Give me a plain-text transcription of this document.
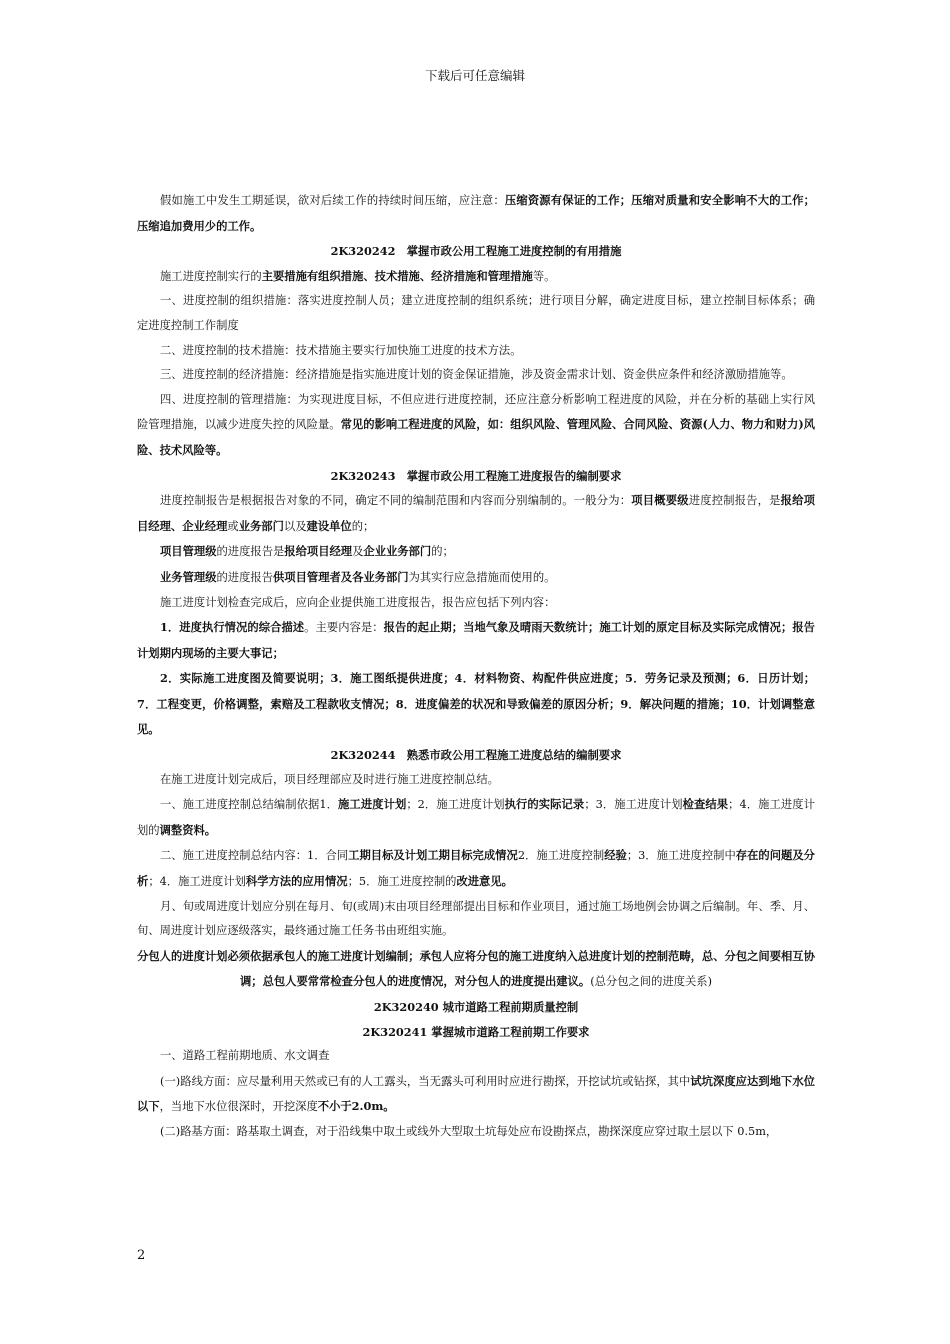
下载后可任意编辑

假如施工中发生工期延误，欲对后续工作的持续时间压缩，应注意：压缩资源有保证的工作；压缩对质量和安全影响不大的工作；压缩追加费用少的工作。

2K320242　掌握市政公用工程施工进度控制的有用措施

施工进度控制实行的主要措施有组织措施、技术措施、经济措施和管理措施等。

一、进度控制的组织措施：落实进度控制人员；建立进度控制的组织系统；进行项目分解，确定进度目标，建立控制目标体系；确定进度控制工作制度

二、进度控制的技术措施：技术措施主要实行加快施工进度的技术方法。

三、进度控制的经济措施：经济措施是指实施进度计划的资金保证措施，涉及资金需求计划、资金供应条件和经济激励措施等。

四、进度控制的管理措施：为实现进度目标，不但应进行进度控制，还应注意分析影响工程进度的风险，并在分析的基础上实行风险管理措施，以减少进度失控的风险量。常见的影响工程进度的风险，如：组织风险、管理风险、合同风险、资源(人力、物力和财力)风险、技术风险等。

2K320243　掌握市政公用工程施工进度报告的编制要求

进度控制报告是根据报告对象的不同，确定不同的编制范围和内容而分别编制的。一般分为：项目概要级进度控制报告，是报给项目经理、企业经理或业务部门以及建设单位的；

项目管理级的进度报告是报给项目经理及企业业务部门的；

业务管理级的进度报告供项目管理者及各业务部门为其实行应急措施而使用的。

施工进度计划检查完成后，应向企业提供施工进度报告，报告应包括下列内容：

1．进度执行情况的综合描述。主要内容是：报告的起止期；当地气象及晴雨天数统计；施工计划的原定目标及实际完成情况；报告计划期内现场的主要大事记；

2．实际施工进度图及简要说明；3．施工图纸提供进度；4．材料物资、构配件供应进度；5．劳务记录及预测；6．日历计划；7．工程变更，价格调整，索赔及工程款收支情况；8．进度偏差的状况和导致偏差的原因分析；9．解决问题的措施；10．计划调整意见。

2K320244　熟悉市政公用工程施工进度总结的编制要求

在施工进度计划完成后，项目经理部应及时进行施工进度控制总结。

一、施工进度控制总结编制依据1．施工进度计划；2．施工进度计划执行的实际记录；3．施工进度计划检查结果；4．施工进度计划的调整资料。

二、施工进度控制总结内容：1．合同工期目标及计划工期目标完成情况2．施工进度控制经验；3．施工进度控制中存在的问题及分析；4．施工进度计划科学方法的应用情况；5．施工进度控制的改进意见。

月、旬或周进度计划应分别在每月、旬(或周)末由项目经理部提出目标和作业项目，通过施工场地例会协调之后编制。年、季、月、旬、周进度计划应逐级落实，最终通过施工任务书由班组实施。

分包人的进度计划必须依据承包人的施工进度计划编制；承包人应将分包的施工进度纳入总进度计划的控制范畴，总、分包之间要相互协调；总包人要常常检查分包人的进度情况，对分包人的进度提出建议。(总分包之间的进度关系)

2K320240 城市道路工程前期质量控制

2K320241 掌握城市道路工程前期工作要求

一、道路工程前期地质、水文调查

(一)路线方面：应尽量利用天然或已有的人工露头，当无露头可利用时应进行勘探，开挖试坑或钻探，其中试坑深度应达到地下水位以下，当地下水位很深时，开挖深度不小于2.0m。

(二)路基方面：路基取土调查，对于沿线集中取土或线外大型取土坑每处应布设勘探点，勘探深度应穿过取土层以下 0.5m，

2
